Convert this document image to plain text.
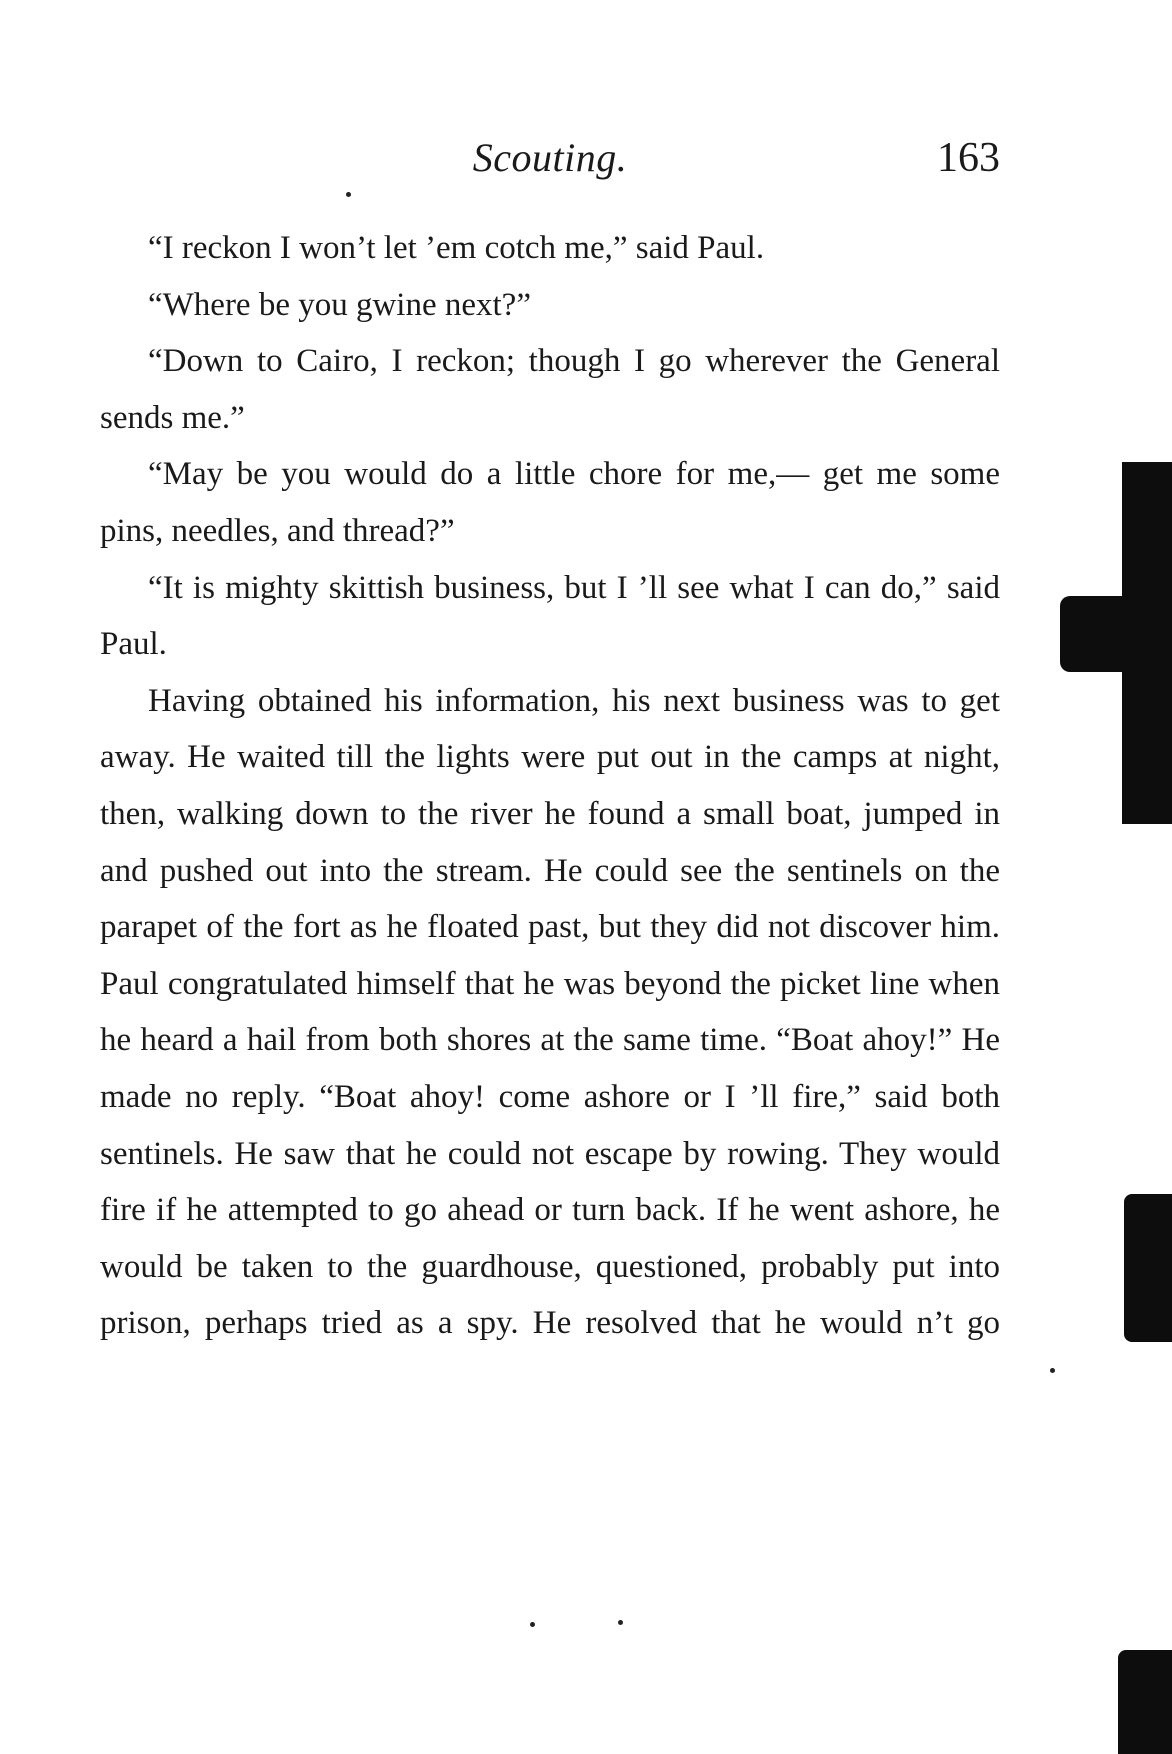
Scouting.	163

“I reckon I won’t let ’em cotch me,” said Paul.

“Where be you gwine next?”

“Down to Cairo, I reckon; though I go wherever the General sends me.”

“May be you would do a little chore for me,— get me some pins, needles, and thread?”

“It is mighty skittish business, but I ’ll see what I can do,” said Paul.

Having obtained his information, his next business was to get away. He waited till the lights were put out in the camps at night, then, walking down to the river he found a small boat, jumped in and pushed out into the stream. He could see the sentinels on the parapet of the fort as he floated past, but they did not discover him. Paul congratulated himself that he was beyond the picket line when he heard a hail from both shores at the same time. “Boat ahoy!” He made no reply. “Boat ahoy! come ashore or I ’ll fire,” said both sentinels. He saw that he could not escape by rowing. They would fire if he attempted to go ahead or turn back. If he went ashore, he would be taken to the guardhouse, questioned, probably put into prison, perhaps tried as a spy. He resolved that he would n’t go
